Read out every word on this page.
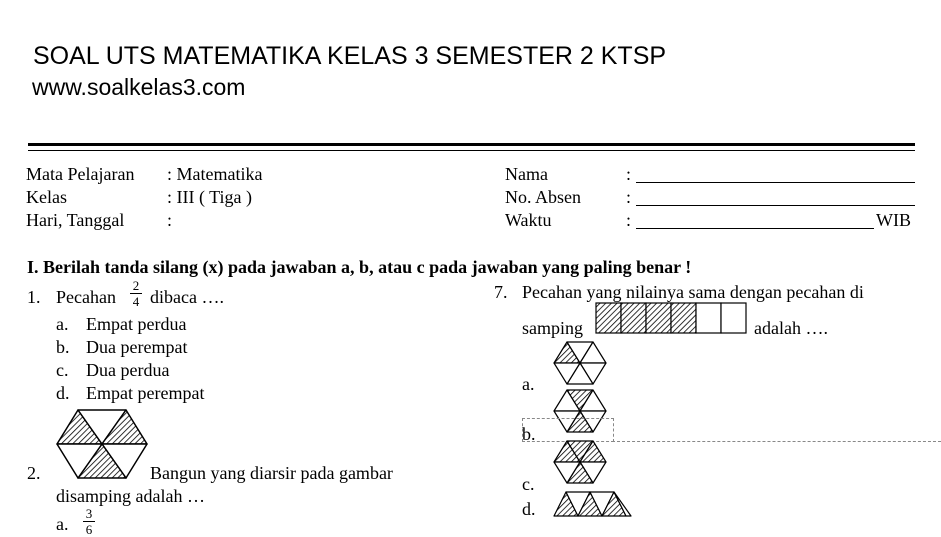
SOAL UTS MATEMATIKA KELAS 3 SEMESTER 2 KTSP
www.soalkelas3.com
Mata Pelajaran : Matematika
Kelas	: III ( Tiga )
Hari, Tanggal :
Nama	:
No. Absen	:
Waktu	:	WIB
I. Berilah tanda silang (x) pada jawaban a, b, atau c pada jawaban yang paling benar !
1. Pecahan
2
4 dibaca ….
a. Empat perdua
b. Dua perempat
c. Dua perdua
d. Empat perempat
2.	Bangun yang diarsir pada gambar
disamping adalah …
a.
3
6
7. Pecahan yang nilainya sama dengan pecahan di
samping	adalah ….
a.
b.
c.
d.
